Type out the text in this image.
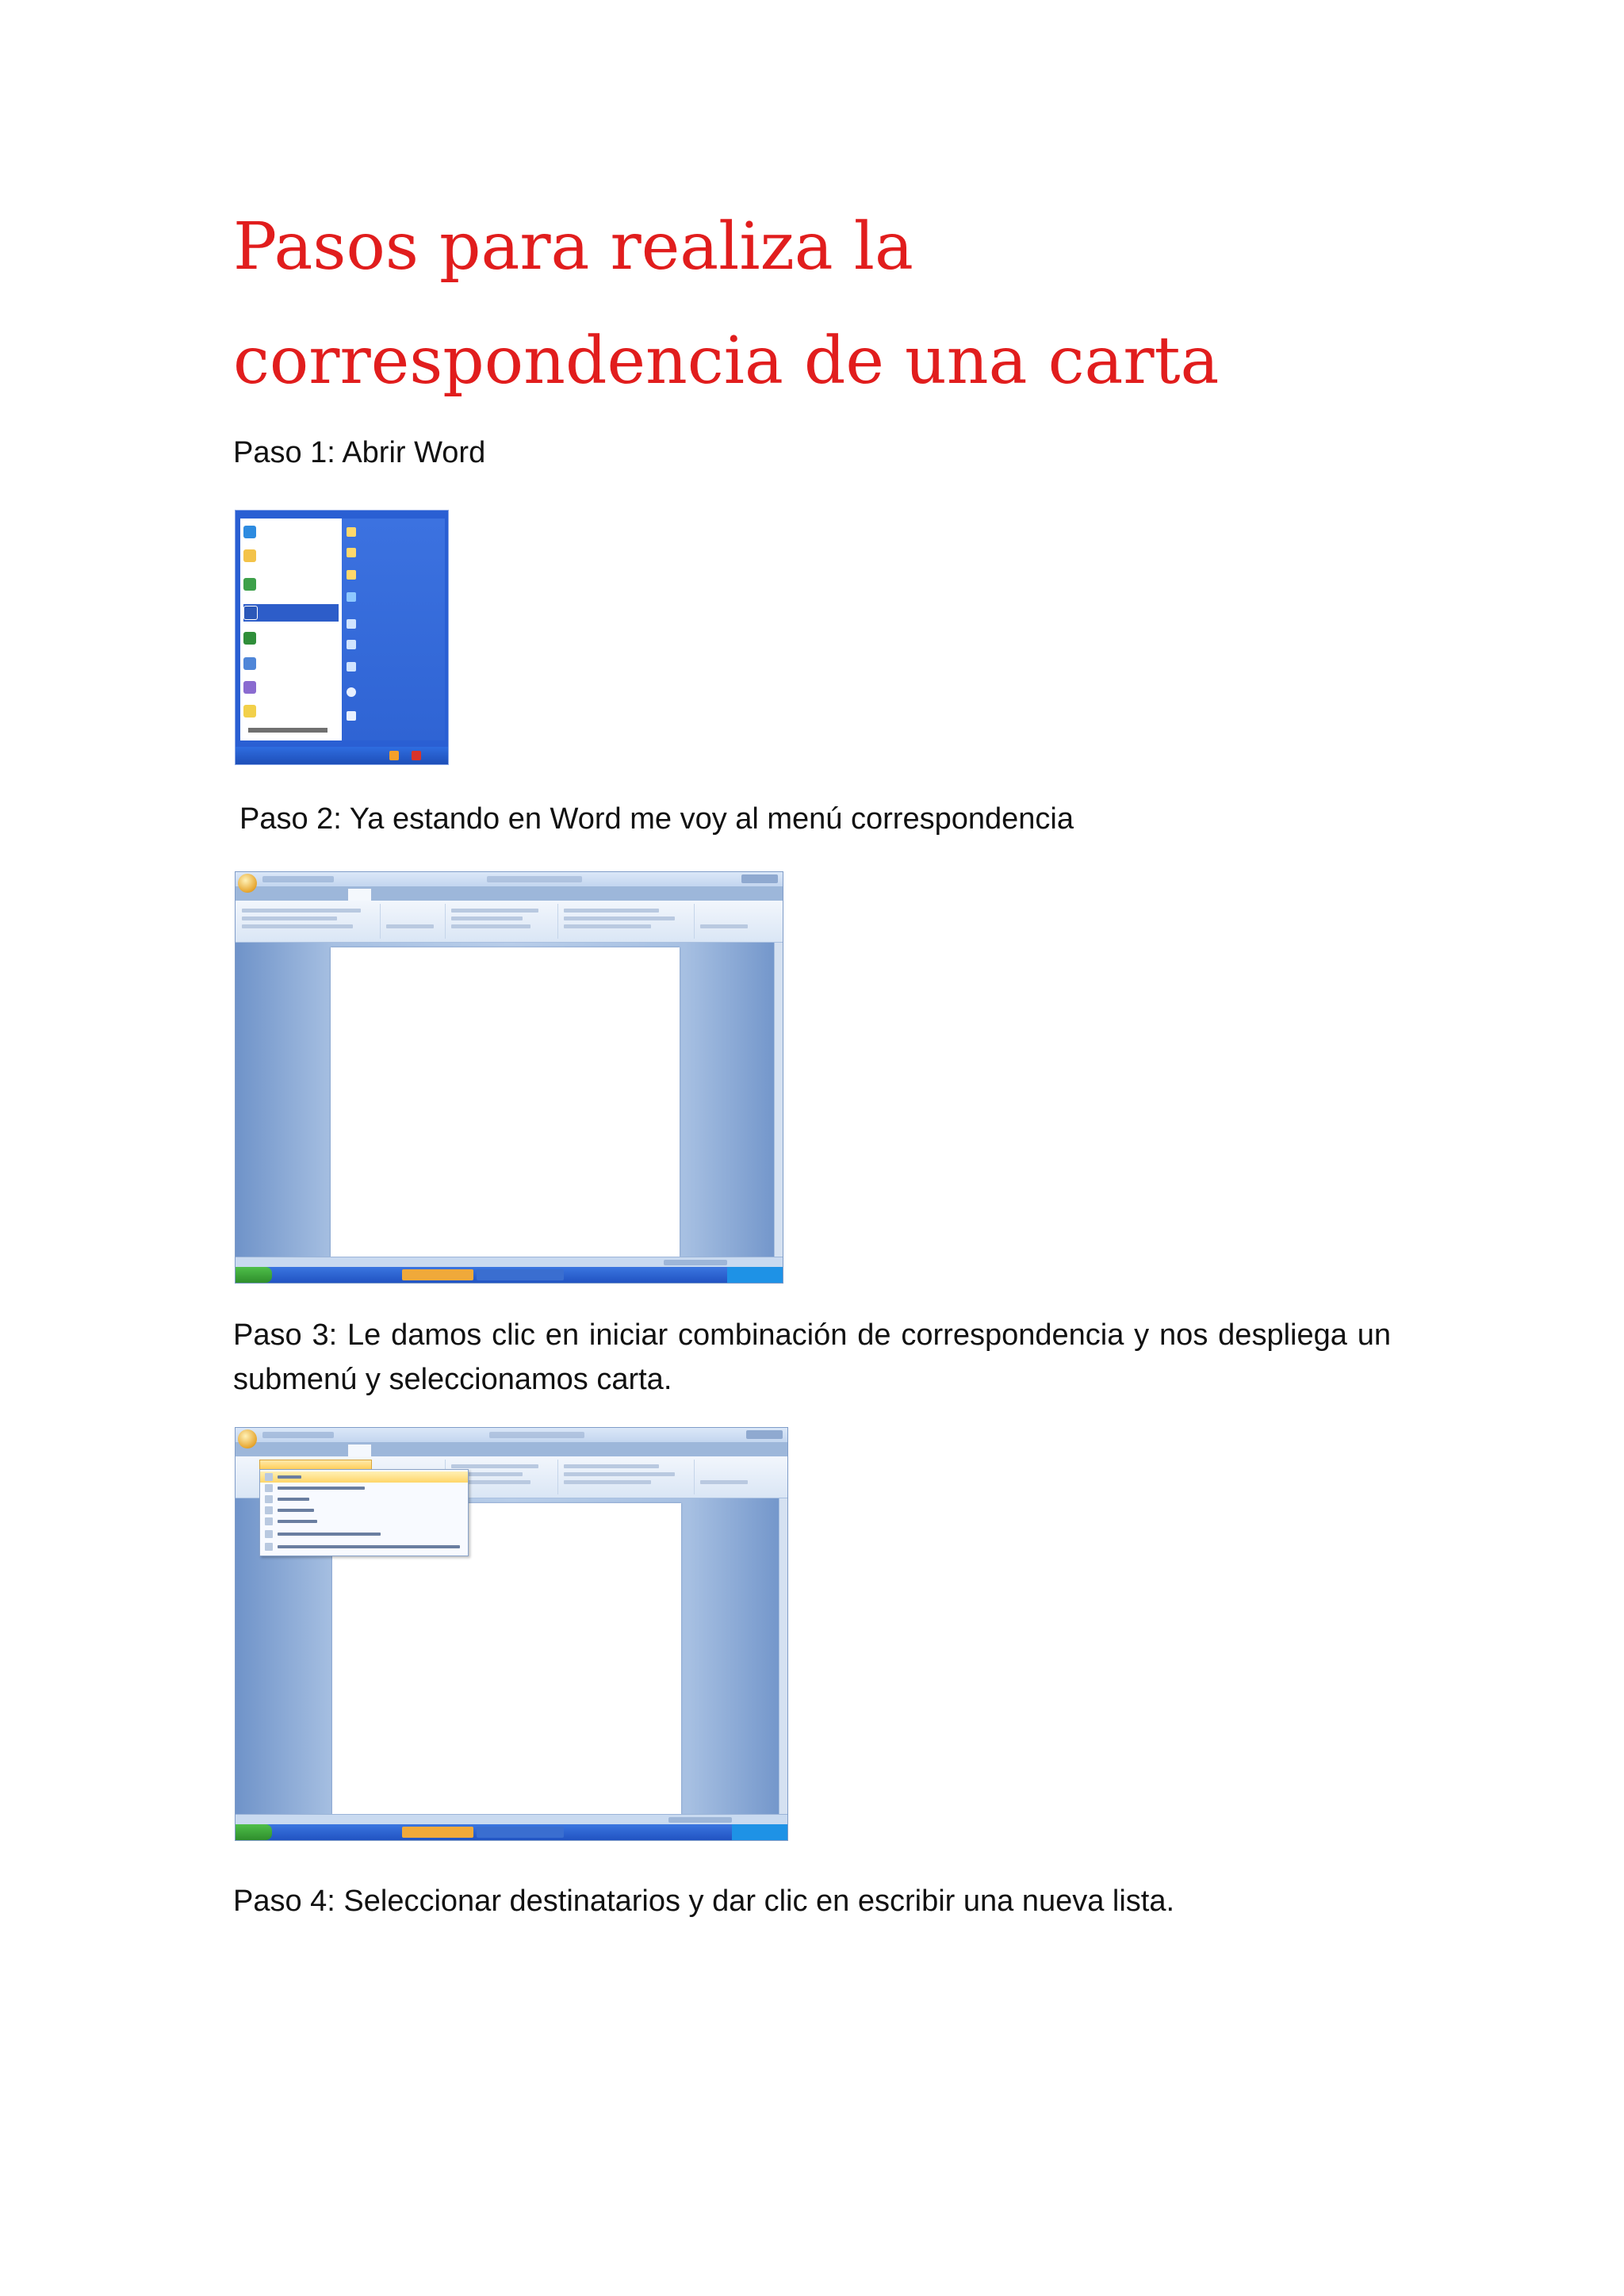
Pasos para realiza la correspondencia de una carta

Paso 1: Abrir Word

Paso 2: Ya estando en Word me voy al menú correspondencia

Paso 3: Le damos clic en iniciar combinación de correspondencia y nos despliega un submenú y seleccionamos carta.

Paso 4: Seleccionar destinatarios y dar clic en escribir una nueva lista.
